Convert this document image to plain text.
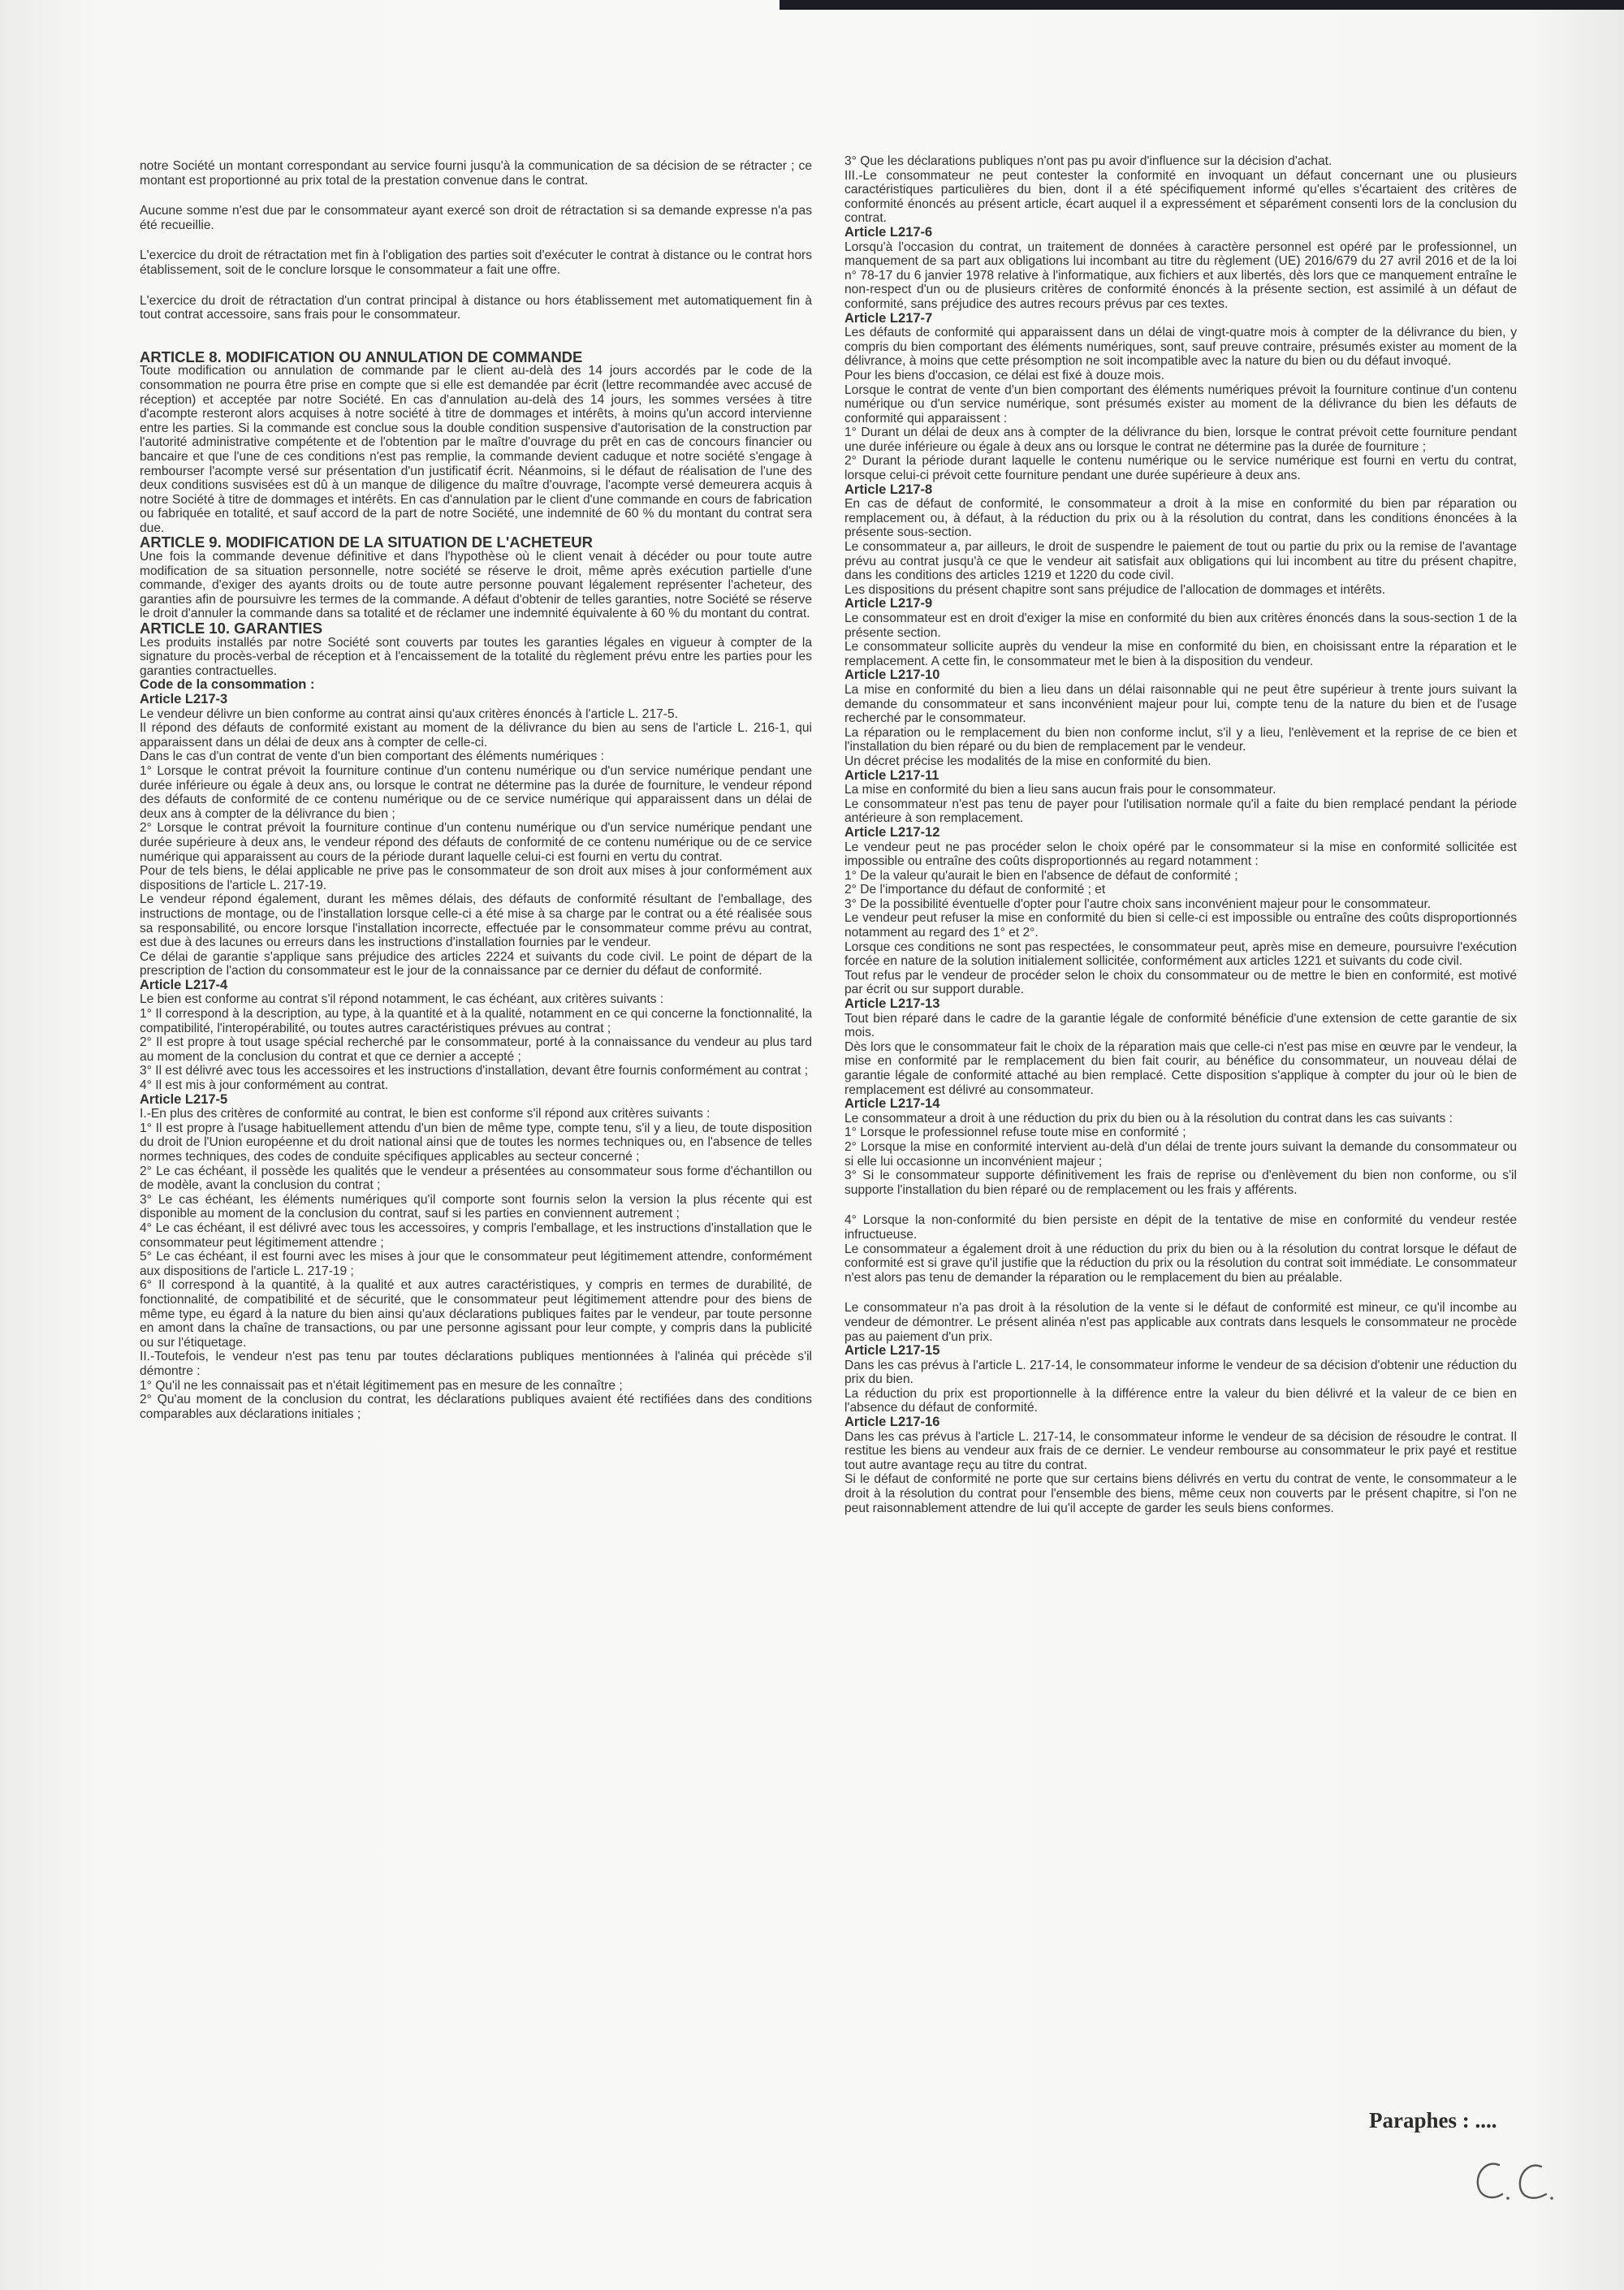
notre Société un montant correspondant au service fourni jusqu'à la communication de sa décision de se rétracter ; ce montant est proportionné au prix total de la prestation convenue dans le contrat.

Aucune somme n'est due par le consommateur ayant exercé son droit de rétractation si sa demande expresse n'a pas été recueillie.

L'exercice du droit de rétractation met fin à l'obligation des parties soit d'exécuter le contrat à distance ou le contrat hors établissement, soit de le conclure lorsque le consommateur a fait une offre.

L'exercice du droit de rétractation d'un contrat principal à distance ou hors établissement met automatiquement fin à tout contrat accessoire, sans frais pour le consommateur.

ARTICLE 8. MODIFICATION OU ANNULATION DE COMMANDE

Toute modification ou annulation de commande par le client au-delà des 14 jours accordés par le code de la consommation ne pourra être prise en compte que si elle est demandée par écrit (lettre recommandée avec accusé de réception) et acceptée par notre Société. En cas d'annulation au-delà des 14 jours, les sommes versées à titre d'acompte resteront alors acquises à notre société à titre de dommages et intérêts, à moins qu'un accord intervienne entre les parties. Si la commande est conclue sous la double condition suspensive d'autorisation de la construction par l'autorité administrative compétente et de l'obtention par le maître d'ouvrage du prêt en cas de concours financier ou bancaire et que l'une de ces conditions n'est pas remplie, la commande devient caduque et notre société s'engage à rembourser l'acompte versé sur présentation d'un justificatif écrit. Néanmoins, si le défaut de réalisation de l'une des deux conditions susvisées est dû à un manque de diligence du maître d'ouvrage, l'acompte versé demeurera acquis à notre Société à titre de dommages et intérêts. En cas d'annulation par le client d'une commande en cours de fabrication ou fabriquée en totalité, et sauf accord de la part de notre Société, une indemnité de 60 % du montant du contrat sera due.

ARTICLE 9. MODIFICATION DE LA SITUATION DE L'ACHETEUR

Une fois la commande devenue définitive et dans l'hypothèse où le client venait à décéder ou pour toute autre modification de sa situation personnelle, notre société se réserve le droit, même après exécution partielle d'une commande, d'exiger des ayants droits ou de toute autre personne pouvant légalement représenter l'acheteur, des garanties afin de poursuivre les termes de la commande. A défaut d'obtenir de telles garanties, notre Société se réserve le droit d'annuler la commande dans sa totalité et de réclamer une indemnité équivalente à 60 % du montant du contrat.

ARTICLE 10. GARANTIES

Les produits installés par notre Société sont couverts par toutes les garanties légales en vigueur à compter de la signature du procès-verbal de réception et à l'encaissement de la totalité du règlement prévu entre les parties pour les garanties contractuelles.

Code de la consommation :

Article L217-3

Le vendeur délivre un bien conforme au contrat ainsi qu'aux critères énoncés à l'article L. 217-5.

Il répond des défauts de conformité existant au moment de la délivrance du bien au sens de l'article L. 216-1, qui apparaissent dans un délai de deux ans à compter de celle-ci.

Dans le cas d'un contrat de vente d'un bien comportant des éléments numériques :

1° Lorsque le contrat prévoit la fourniture continue d'un contenu numérique ou d'un service numérique pendant une durée inférieure ou égale à deux ans, ou lorsque le contrat ne détermine pas la durée de fourniture, le vendeur répond des défauts de conformité de ce contenu numérique ou de ce service numérique qui apparaissent dans un délai de deux ans à compter de la délivrance du bien ;

2° Lorsque le contrat prévoit la fourniture continue d'un contenu numérique ou d'un service numérique pendant une durée supérieure à deux ans, le vendeur répond des défauts de conformité de ce contenu numérique ou de ce service numérique qui apparaissent au cours de la période durant laquelle celui-ci est fourni en vertu du contrat.

Pour de tels biens, le délai applicable ne prive pas le consommateur de son droit aux mises à jour conformément aux dispositions de l'article L. 217-19.

Le vendeur répond également, durant les mêmes délais, des défauts de conformité résultant de l'emballage, des instructions de montage, ou de l'installation lorsque celle-ci a été mise à sa charge par le contrat ou a été réalisée sous sa responsabilité, ou encore lorsque l'installation incorrecte, effectuée par le consommateur comme prévu au contrat, est due à des lacunes ou erreurs dans les instructions d'installation fournies par le vendeur.

Ce délai de garantie s'applique sans préjudice des articles 2224 et suivants du code civil. Le point de départ de la prescription de l'action du consommateur est le jour de la connaissance par ce dernier du défaut de conformité.

Article L217-4

Le bien est conforme au contrat s'il répond notamment, le cas échéant, aux critères suivants :

1° Il correspond à la description, au type, à la quantité et à la qualité, notamment en ce qui concerne la fonctionnalité, la compatibilité, l'interopérabilité, ou toutes autres caractéristiques prévues au contrat ;

2° Il est propre à tout usage spécial recherché par le consommateur, porté à la connaissance du vendeur au plus tard au moment de la conclusion du contrat et que ce dernier a accepté ;

3° Il est délivré avec tous les accessoires et les instructions d'installation, devant être fournis conformément au contrat ;

4° Il est mis à jour conformément au contrat.

Article L217-5

I.-En plus des critères de conformité au contrat, le bien est conforme s'il répond aux critères suivants :

1° Il est propre à l'usage habituellement attendu d'un bien de même type, compte tenu, s'il y a lieu, de toute disposition du droit de l'Union européenne et du droit national ainsi que de toutes les normes techniques ou, en l'absence de telles normes techniques, des codes de conduite spécifiques applicables au secteur concerné ;

2° Le cas échéant, il possède les qualités que le vendeur a présentées au consommateur sous forme d'échantillon ou de modèle, avant la conclusion du contrat ;

3° Le cas échéant, les éléments numériques qu'il comporte sont fournis selon la version la plus récente qui est disponible au moment de la conclusion du contrat, sauf si les parties en conviennent autrement ;

4° Le cas échéant, il est délivré avec tous les accessoires, y compris l'emballage, et les instructions d'installation que le consommateur peut légitimement attendre ;

5° Le cas échéant, il est fourni avec les mises à jour que le consommateur peut légitimement attendre, conformément aux dispositions de l'article L. 217-19 ;

6° Il correspond à la quantité, à la qualité et aux autres caractéristiques, y compris en termes de durabilité, de fonctionnalité, de compatibilité et de sécurité, que le consommateur peut légitimement attendre pour des biens de même type, eu égard à la nature du bien ainsi qu'aux déclarations publiques faites par le vendeur, par toute personne en amont dans la chaîne de transactions, ou par une personne agissant pour leur compte, y compris dans la publicité ou sur l'étiquetage.

II.-Toutefois, le vendeur n'est pas tenu par toutes déclarations publiques mentionnées à l'alinéa qui précède s'il démontre :

1° Qu'il ne les connaissait pas et n'était légitimement pas en mesure de les connaître ;

2° Qu'au moment de la conclusion du contrat, les déclarations publiques avaient été rectifiées dans des conditions comparables aux déclarations initiales ;

3° Que les déclarations publiques n'ont pas pu avoir d'influence sur la décision d'achat.

III.-Le consommateur ne peut contester la conformité en invoquant un défaut concernant une ou plusieurs caractéristiques particulières du bien, dont il a été spécifiquement informé qu'elles s'écartaient des critères de conformité énoncés au présent article, écart auquel il a expressément et séparément consenti lors de la conclusion du contrat.

Article L217-6

Lorsqu'à l'occasion du contrat, un traitement de données à caractère personnel est opéré par le professionnel, un manquement de sa part aux obligations lui incombant au titre du règlement (UE) 2016/679 du 27 avril 2016 et de la loi n° 78-17 du 6 janvier 1978 relative à l'informatique, aux fichiers et aux libertés, dès lors que ce manquement entraîne le non-respect d'un ou de plusieurs critères de conformité énoncés à la présente section, est assimilé à un défaut de conformité, sans préjudice des autres recours prévus par ces textes.

Article L217-7

Les défauts de conformité qui apparaissent dans un délai de vingt-quatre mois à compter de la délivrance du bien, y compris du bien comportant des éléments numériques, sont, sauf preuve contraire, présumés exister au moment de la délivrance, à moins que cette présomption ne soit incompatible avec la nature du bien ou du défaut invoqué.

Pour les biens d'occasion, ce délai est fixé à douze mois.

Lorsque le contrat de vente d'un bien comportant des éléments numériques prévoit la fourniture continue d'un contenu numérique ou d'un service numérique, sont présumés exister au moment de la délivrance du bien les défauts de conformité qui apparaissent :

1° Durant un délai de deux ans à compter de la délivrance du bien, lorsque le contrat prévoit cette fourniture pendant une durée inférieure ou égale à deux ans ou lorsque le contrat ne détermine pas la durée de fourniture ;

2° Durant la période durant laquelle le contenu numérique ou le service numérique est fourni en vertu du contrat, lorsque celui-ci prévoit cette fourniture pendant une durée supérieure à deux ans.

Article L217-8

En cas de défaut de conformité, le consommateur a droit à la mise en conformité du bien par réparation ou remplacement ou, à défaut, à la réduction du prix ou à la résolution du contrat, dans les conditions énoncées à la présente sous-section.

Le consommateur a, par ailleurs, le droit de suspendre le paiement de tout ou partie du prix ou la remise de l'avantage prévu au contrat jusqu'à ce que le vendeur ait satisfait aux obligations qui lui incombent au titre du présent chapitre, dans les conditions des articles 1219 et 1220 du code civil.

Les dispositions du présent chapitre sont sans préjudice de l'allocation de dommages et intérêts.

Article L217-9

Le consommateur est en droit d'exiger la mise en conformité du bien aux critères énoncés dans la sous-section 1 de la présente section.

Le consommateur sollicite auprès du vendeur la mise en conformité du bien, en choisissant entre la réparation et le remplacement. A cette fin, le consommateur met le bien à la disposition du vendeur.

Article L217-10

La mise en conformité du bien a lieu dans un délai raisonnable qui ne peut être supérieur à trente jours suivant la demande du consommateur et sans inconvénient majeur pour lui, compte tenu de la nature du bien et de l'usage recherché par le consommateur.

La réparation ou le remplacement du bien non conforme inclut, s'il y a lieu, l'enlèvement et la reprise de ce bien et l'installation du bien réparé ou du bien de remplacement par le vendeur.

Un décret précise les modalités de la mise en conformité du bien.

Article L217-11

La mise en conformité du bien a lieu sans aucun frais pour le consommateur.

Le consommateur n'est pas tenu de payer pour l'utilisation normale qu'il a faite du bien remplacé pendant la période antérieure à son remplacement.

Article L217-12

Le vendeur peut ne pas procéder selon le choix opéré par le consommateur si la mise en conformité sollicitée est impossible ou entraîne des coûts disproportionnés au regard notamment :

1° De la valeur qu'aurait le bien en l'absence de défaut de conformité ;

2° De l'importance du défaut de conformité ; et

3° De la possibilité éventuelle d'opter pour l'autre choix sans inconvénient majeur pour le consommateur.

Le vendeur peut refuser la mise en conformité du bien si celle-ci est impossible ou entraîne des coûts disproportionnés notamment au regard des 1° et 2°.

Lorsque ces conditions ne sont pas respectées, le consommateur peut, après mise en demeure, poursuivre l'exécution forcée en nature de la solution initialement sollicitée, conformément aux articles 1221 et suivants du code civil.

Tout refus par le vendeur de procéder selon le choix du consommateur ou de mettre le bien en conformité, est motivé par écrit ou sur support durable.

Article L217-13

Tout bien réparé dans le cadre de la garantie légale de conformité bénéficie d'une extension de cette garantie de six mois.

Dès lors que le consommateur fait le choix de la réparation mais que celle-ci n'est pas mise en œuvre par le vendeur, la mise en conformité par le remplacement du bien fait courir, au bénéfice du consommateur, un nouveau délai de garantie légale de conformité attaché au bien remplacé. Cette disposition s'applique à compter du jour où le bien de remplacement est délivré au consommateur.

Article L217-14

Le consommateur a droit à une réduction du prix du bien ou à la résolution du contrat dans les cas suivants :

1° Lorsque le professionnel refuse toute mise en conformité ;

2° Lorsque la mise en conformité intervient au-delà d'un délai de trente jours suivant la demande du consommateur ou si elle lui occasionne un inconvénient majeur ;

3° Si le consommateur supporte définitivement les frais de reprise ou d'enlèvement du bien non conforme, ou s'il supporte l'installation du bien réparé ou de remplacement ou les frais y afférents.

4° Lorsque la non-conformité du bien persiste en dépit de la tentative de mise en conformité du vendeur restée infructueuse.

Le consommateur a également droit à une réduction du prix du bien ou à la résolution du contrat lorsque le défaut de conformité est si grave qu'il justifie que la réduction du prix ou la résolution du contrat soit immédiate. Le consommateur n'est alors pas tenu de demander la réparation ou le remplacement du bien au préalable.

Le consommateur n'a pas droit à la résolution de la vente si le défaut de conformité est mineur, ce qu'il incombe au vendeur de démontrer. Le présent alinéa n'est pas applicable aux contrats dans lesquels le consommateur ne procède pas au paiement d'un prix.

Article L217-15

Dans les cas prévus à l'article L. 217-14, le consommateur informe le vendeur de sa décision d'obtenir une réduction du prix du bien.

La réduction du prix est proportionnelle à la différence entre la valeur du bien délivré et la valeur de ce bien en l'absence du défaut de conformité.

Article L217-16

Dans les cas prévus à l'article L. 217-14, le consommateur informe le vendeur de sa décision de résoudre le contrat. Il restitue les biens au vendeur aux frais de ce dernier. Le vendeur rembourse au consommateur le prix payé et restitue tout autre avantage reçu au titre du contrat.

Si le défaut de conformité ne porte que sur certains biens délivrés en vertu du contrat de vente, le consommateur a le droit à la résolution du contrat pour l'ensemble des biens, même ceux non couverts par le présent chapitre, si l'on ne peut raisonnablement attendre de lui qu'il accepte de garder les seuls biens conformes.

Paraphes : ....
